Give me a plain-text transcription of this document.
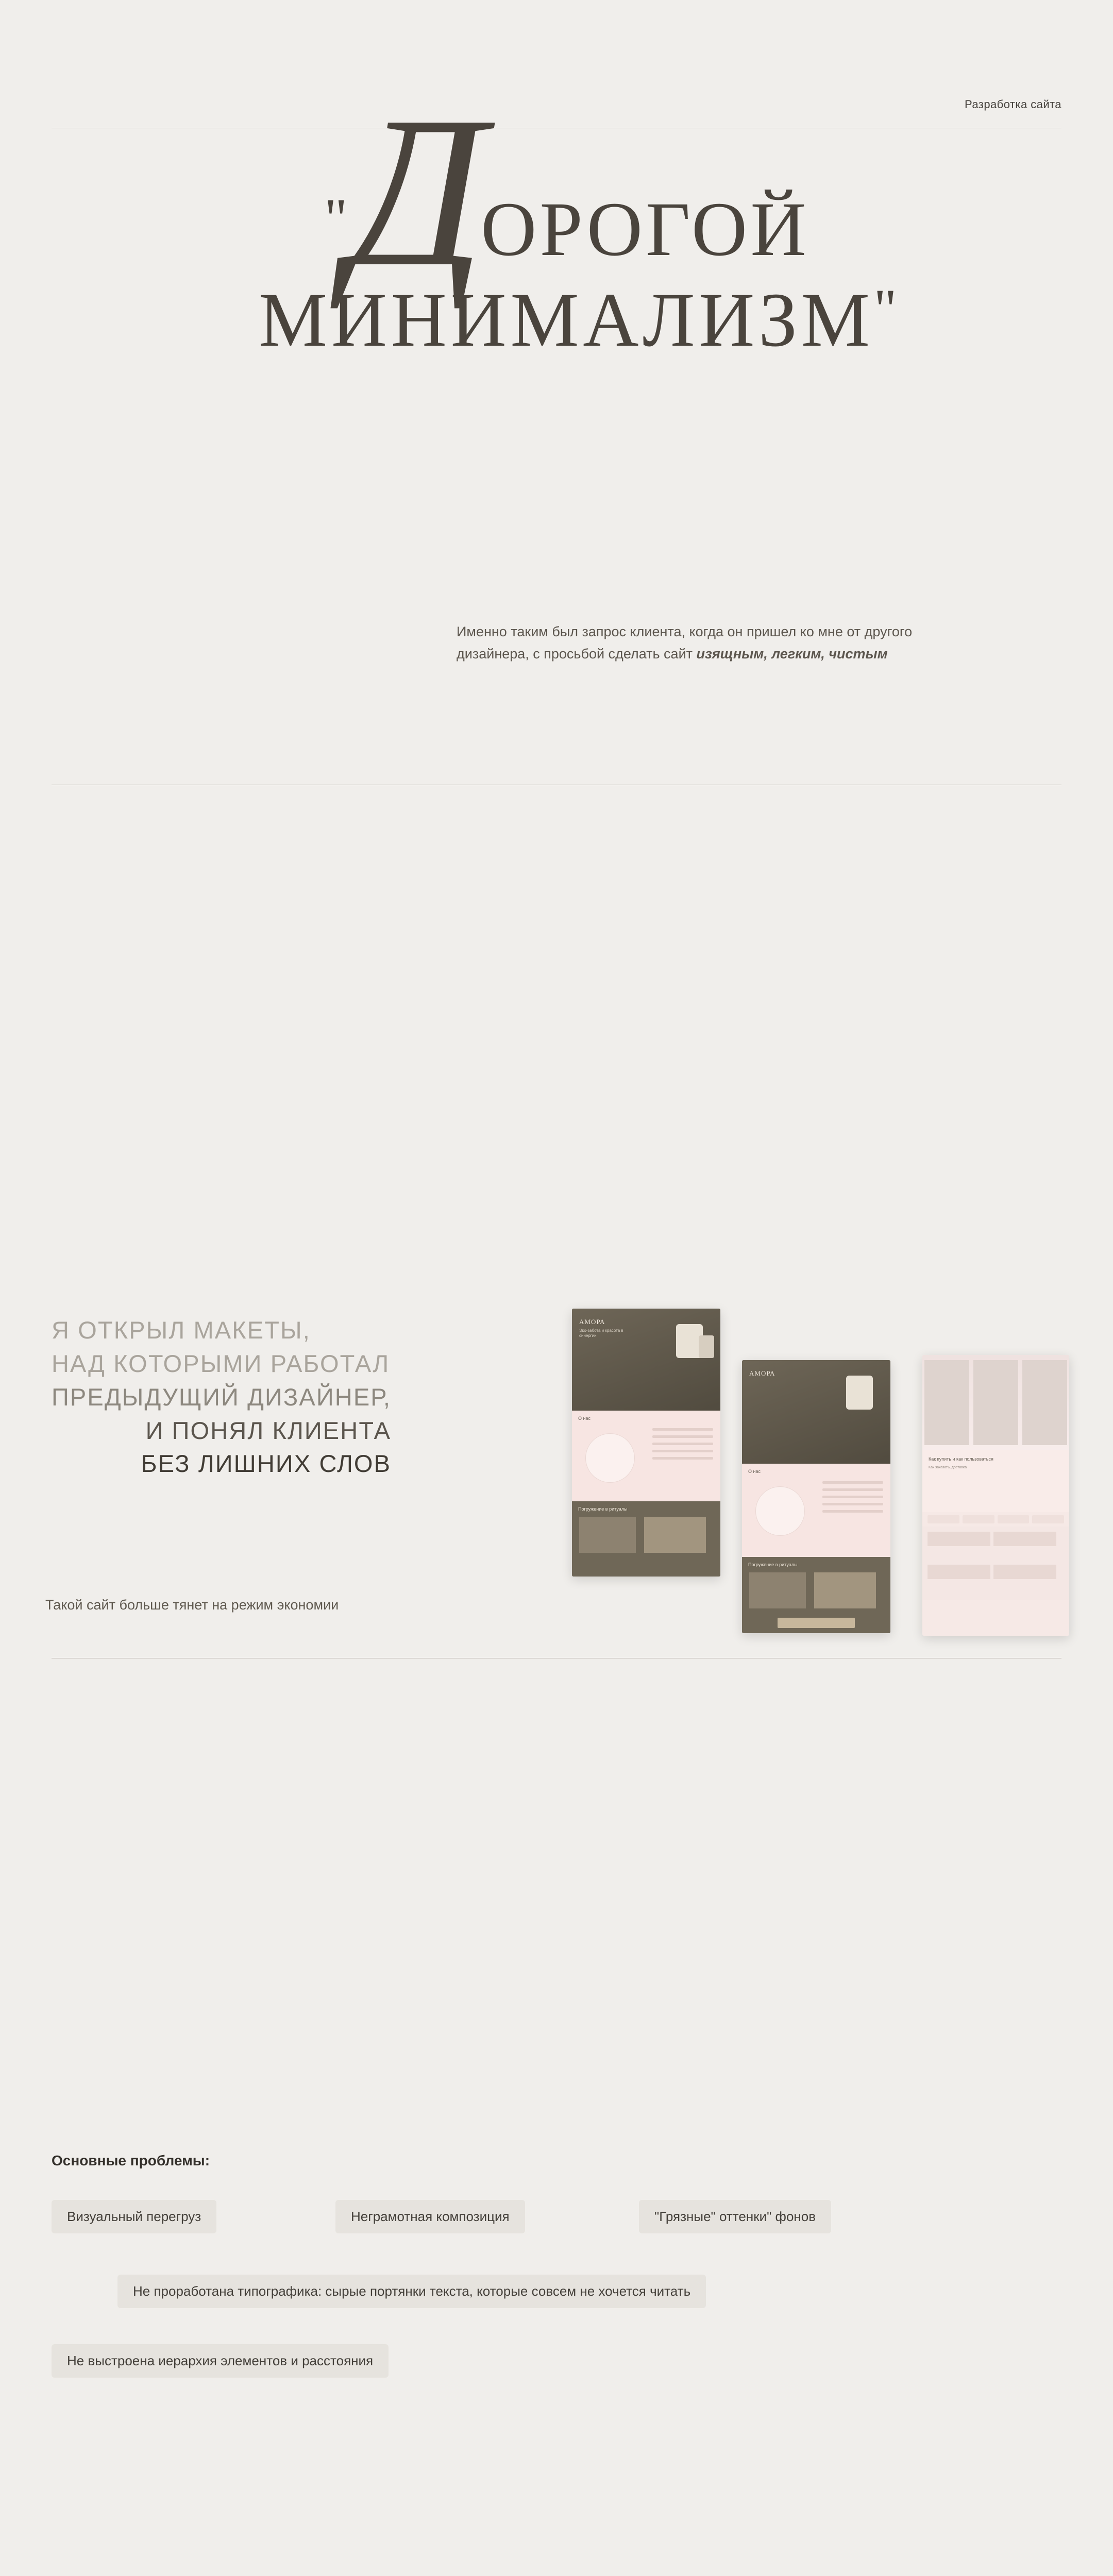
Разработка сайта
"ДОРОГОЙ
МИНИМАЛИЗМ"
Именно таким был запрос клиента, когда он пришел ко мне от другого дизайнера, с просьбой сделать сайт изящным, легким, чистым
Я ОТКРЫЛ МАКЕТЫ,
НАД КОТОРЫМИ РАБОТАЛ
ПРЕДЫДУЩИЙ ДИЗАЙНЕР,
И ПОНЯЛ КЛИЕНТА
БЕЗ ЛИШНИХ СЛОВ
Такой сайт больше тянет на режим экономии
АМОРА
Эко-забота и красота в синергии
О нас
Погружение в ритуалы
АМОРА
О нас
Погружение в ритуалы
Как купить и как пользоваться
Как заказать, доставка
Основные проблемы:
Визуальный перегруз	Неграмотная композиция	"Грязные" оттенки" фонов
Не проработана типографика: сырые портянки текста, которые совсем не хочется читать
Не выстроена иерархия элементов и расстояния
